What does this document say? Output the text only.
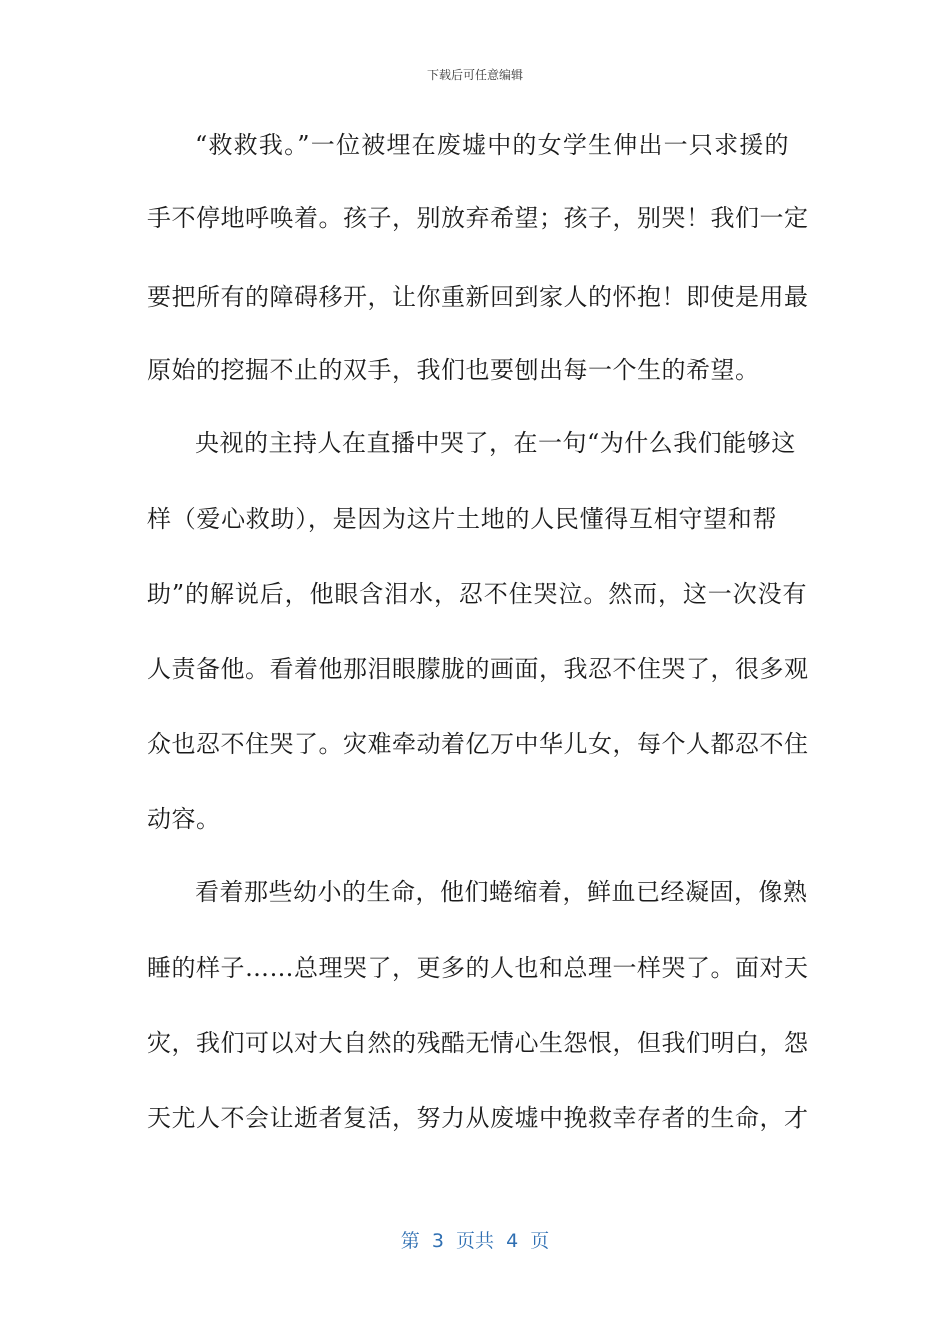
下载后可任意编辑
“救救我。”一位被埋在废墟中的女学生伸出一只求援的
手不停地呼唤着。孩子，别放弃希望；孩子，别哭！我们一定
要把所有的障碍移开，让你重新回到家人的怀抱！即使是用最
原始的挖掘不止的双手，我们也要刨出每一个生的希望。
央视的主持人在直播中哭了，在一句“为什么我们能够这
样（爱心救助），是因为这片土地的人民懂得互相守望和帮
助”的解说后，他眼含泪水，忍不住哭泣。然而，这一次没有
人责备他。看着他那泪眼朦胧的画面，我忍不住哭了，很多观
众也忍不住哭了。灾难牵动着亿万中华儿女，每个人都忍不住
动容。
看着那些幼小的生命，他们蜷缩着，鲜血已经凝固，像熟
睡的样子……总理哭了，更多的人也和总理一样哭了。面对天
灾，我们可以对大自然的残酷无情心生怨恨，但我们明白，怨
天尤人不会让逝者复活，努力从废墟中挽救幸存者的生命，才
第  3  页共  4  页
